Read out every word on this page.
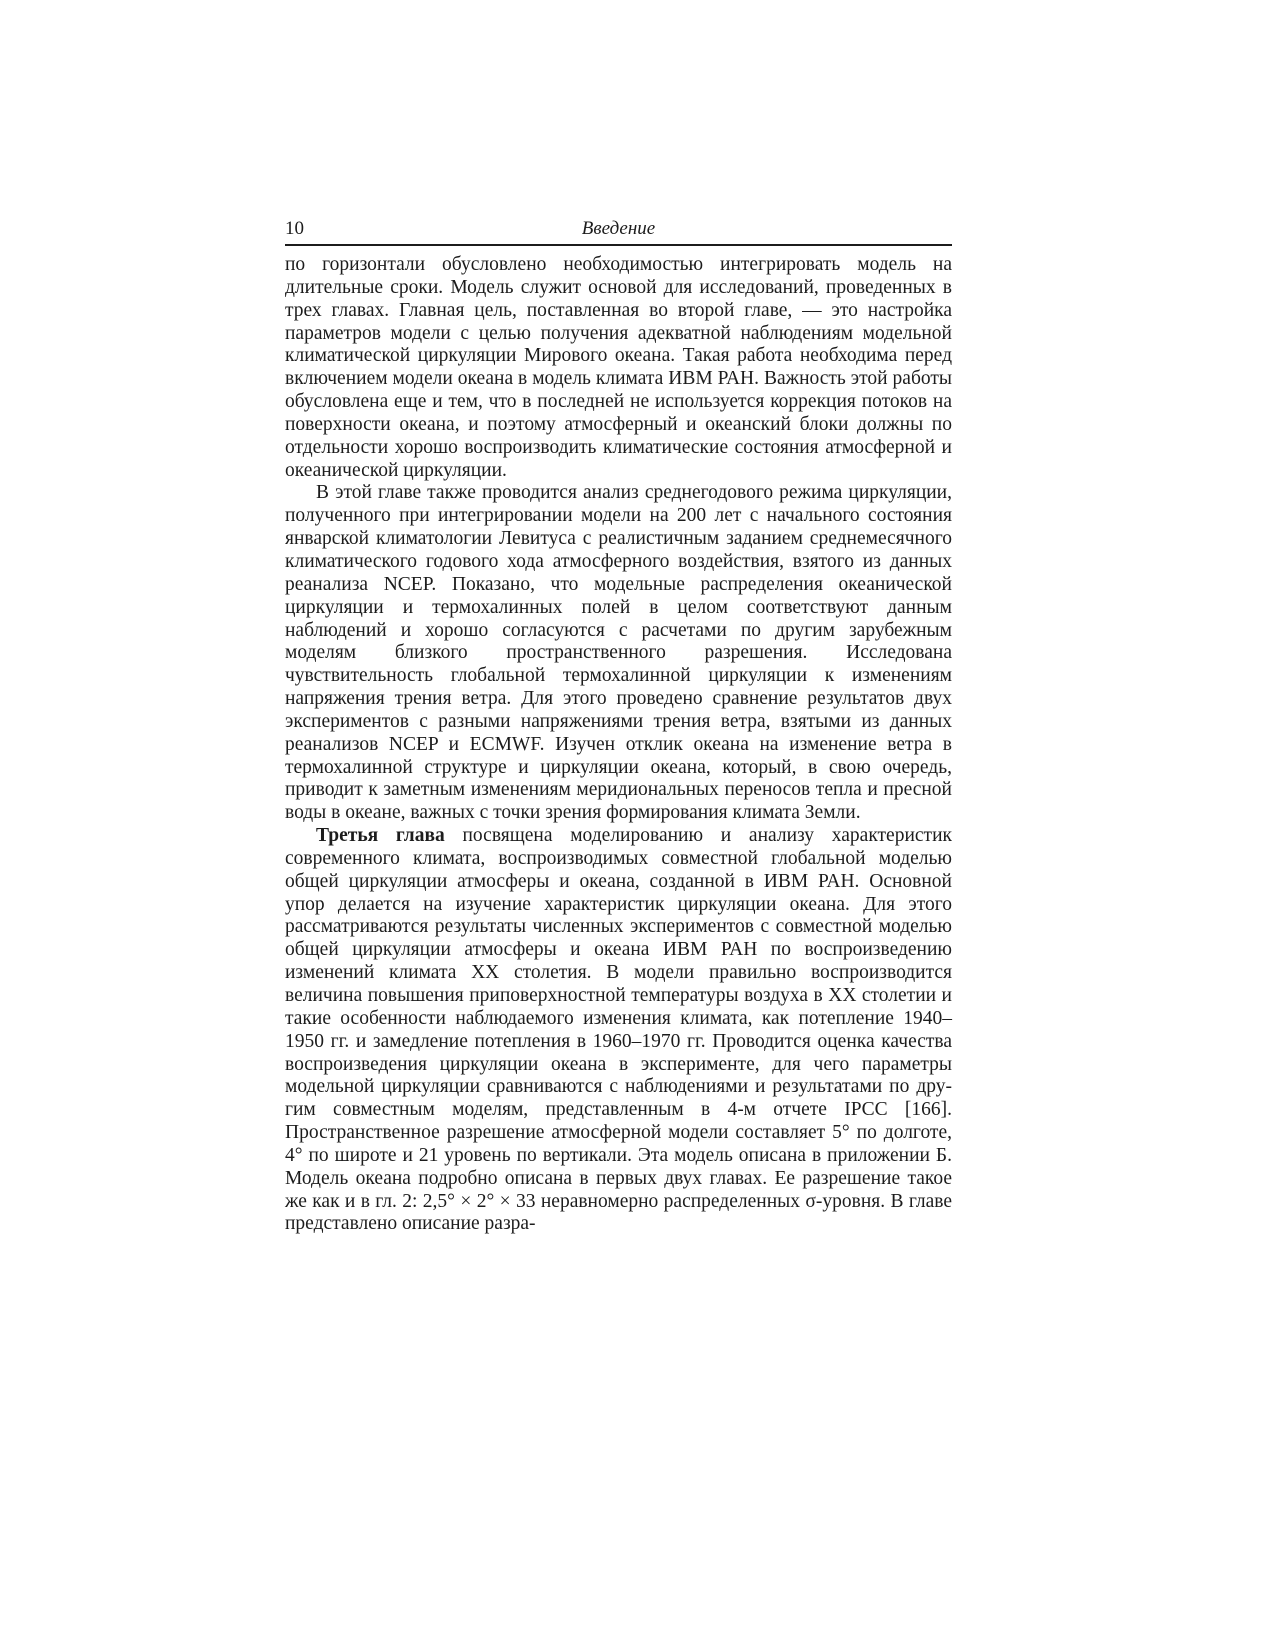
10	Введение

по горизонтали обусловлено необходимостью интегрировать модель на длительные сроки. Модель служит основой для исследований, проведенных в трех главах. Главная цель, поставленная во второй главе, — это настройка параметров модели с целью получения адекватной наблюдениям модельной климатической циркуляции Мирового океана. Такая работа необходима перед включением модели океана в модель климата ИВМ РАН. Важность этой работы обусловлена еще и тем, что в последней не используется коррекция потоков на поверхности океана, и поэтому атмосферный и океанский блоки должны по отдельности хорошо воспроизводить климатические состояния атмосферной и океанической циркуляции.

В этой главе также проводится анализ среднегодового режима циркуляции, полученного при интегрировании модели на 200 лет с начального состояния январской климатологии Левитуса с реалистичным заданием среднемесячного климатического годового хода атмосферного воздействия, взятого из данных реанализа NCEP. Показано, что модельные распределения океанической циркуляции и термохалинных полей в целом соответствуют данным наблюдений и хорошо согласуются с расчетами по другим зарубежным моделям близкого пространственного разрешения. Исследована чувствительность глобальной термохалинной циркуляции к изменениям напряжения трения ветра. Для этого проведено сравнение результатов двух экспериментов с разными напряжениями трения ветра, взятыми из данных реанализов NCEP и ECMWF. Изучен отклик океана на изменение ветра в термохалинной структуре и циркуляции океана, который, в свою очередь, приводит к заметным изменениям меридиональных переносов тепла и пресной воды в океане, важных с точки зрения формирования климата Земли.

Третья глава посвящена моделированию и анализу характеристик современного климата, воспроизводимых совместной глобальной моделью общей циркуляции атмосферы и океана, созданной в ИВМ РАН. Основной упор делается на изучение характеристик циркуляции океана. Для этого рассматриваются результаты численных экспериментов с совместной моделью общей циркуляции атмосферы и океана ИВМ РАН по воспроизведению изменений климата XX столетия. В модели правильно воспроизводится величина повышения приповерхностной температуры воздуха в XX столетии и такие особенности наблюдаемого изменения климата, как потепление 1940–1950 гг. и замедление потепления в 1960–1970 гг. Проводится оценка качества воспроизведения циркуляции океана в эксперименте, для чего параметры модельной циркуляции сравниваются с наблюдениями и результатами по другим совместным моделям, представленным в 4-м отчете IPCC [166]. Пространственное разрешение атмосферной модели составляет 5° по долготе, 4° по широте и 21 уровень по вертикали. Эта модель описана в приложении Б. Модель океана подробно описана в первых двух главах. Ее разрешение такое же как и в гл. 2: 2,5° × 2° × 33 неравномерно распределенных σ-уровня. В главе представлено описание разра-
